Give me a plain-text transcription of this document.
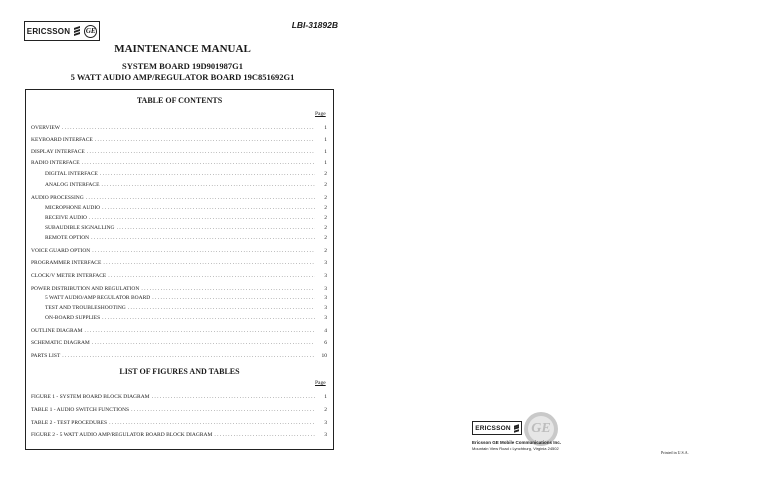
ERICSSON GE
LBI-31892B
MAINTENANCE MANUAL
SYSTEM BOARD 19D901987G1
5 WATT AUDIO AMP/REGULATOR BOARD 19C851692G1
TABLE OF CONTENTS
Page
OVERVIEW . . .	1
KEYBOARD INTERFACE . . .	1
DISPLAY INTERFACE . . .	1
RADIO INTERFACE . . .	1
DIGITAL INTERFACE . . .	2
ANALOG INTERFACE . . .	2
AUDIO PROCESSING . . .	2
MICROPHONE AUDIO . . .	2
RECEIVE AUDIO . . .	2
SUBAUDIBLE SIGNALLING . . .	2
REMOTE OPTION . . .	2
VOICE GUARD OPTION . . .	2
PROGRAMMER INTERFACE . . .	3
CLOCK/V METER INTERFACE . . .	3
POWER DISTRIBUTION AND REGULATION . . .	3
5 WATT AUDIO/AMP REGULATOR BOARD . . .	3
TEST AND TROUBLESHOOTING . . .	3
ON-BOARD SUPPLIES . . .	3
OUTLINE DIAGRAM . . .	4
SCHEMATIC DIAGRAM . . .	6
PARTS LIST . . .	10
LIST OF FIGURES AND TABLES
Page
FIGURE 1 - SYSTEM BOARD BLOCK DIAGRAM . . .	1
TABLE 1 - AUDIO SWITCH FUNCTIONS . . .	2
TABLE 2 - TEST PROCEDURES . . .	3
FIGURE 2 - 5 WATT AUDIO AMP/REGULATOR BOARD BLOCK DIAGRAM . . .	3	GE
ERICSSON
Ericsson GE Mobile Communications Inc.
Mountain View Road • Lynchburg, Virginia 24502
Printed in U.S.A.
